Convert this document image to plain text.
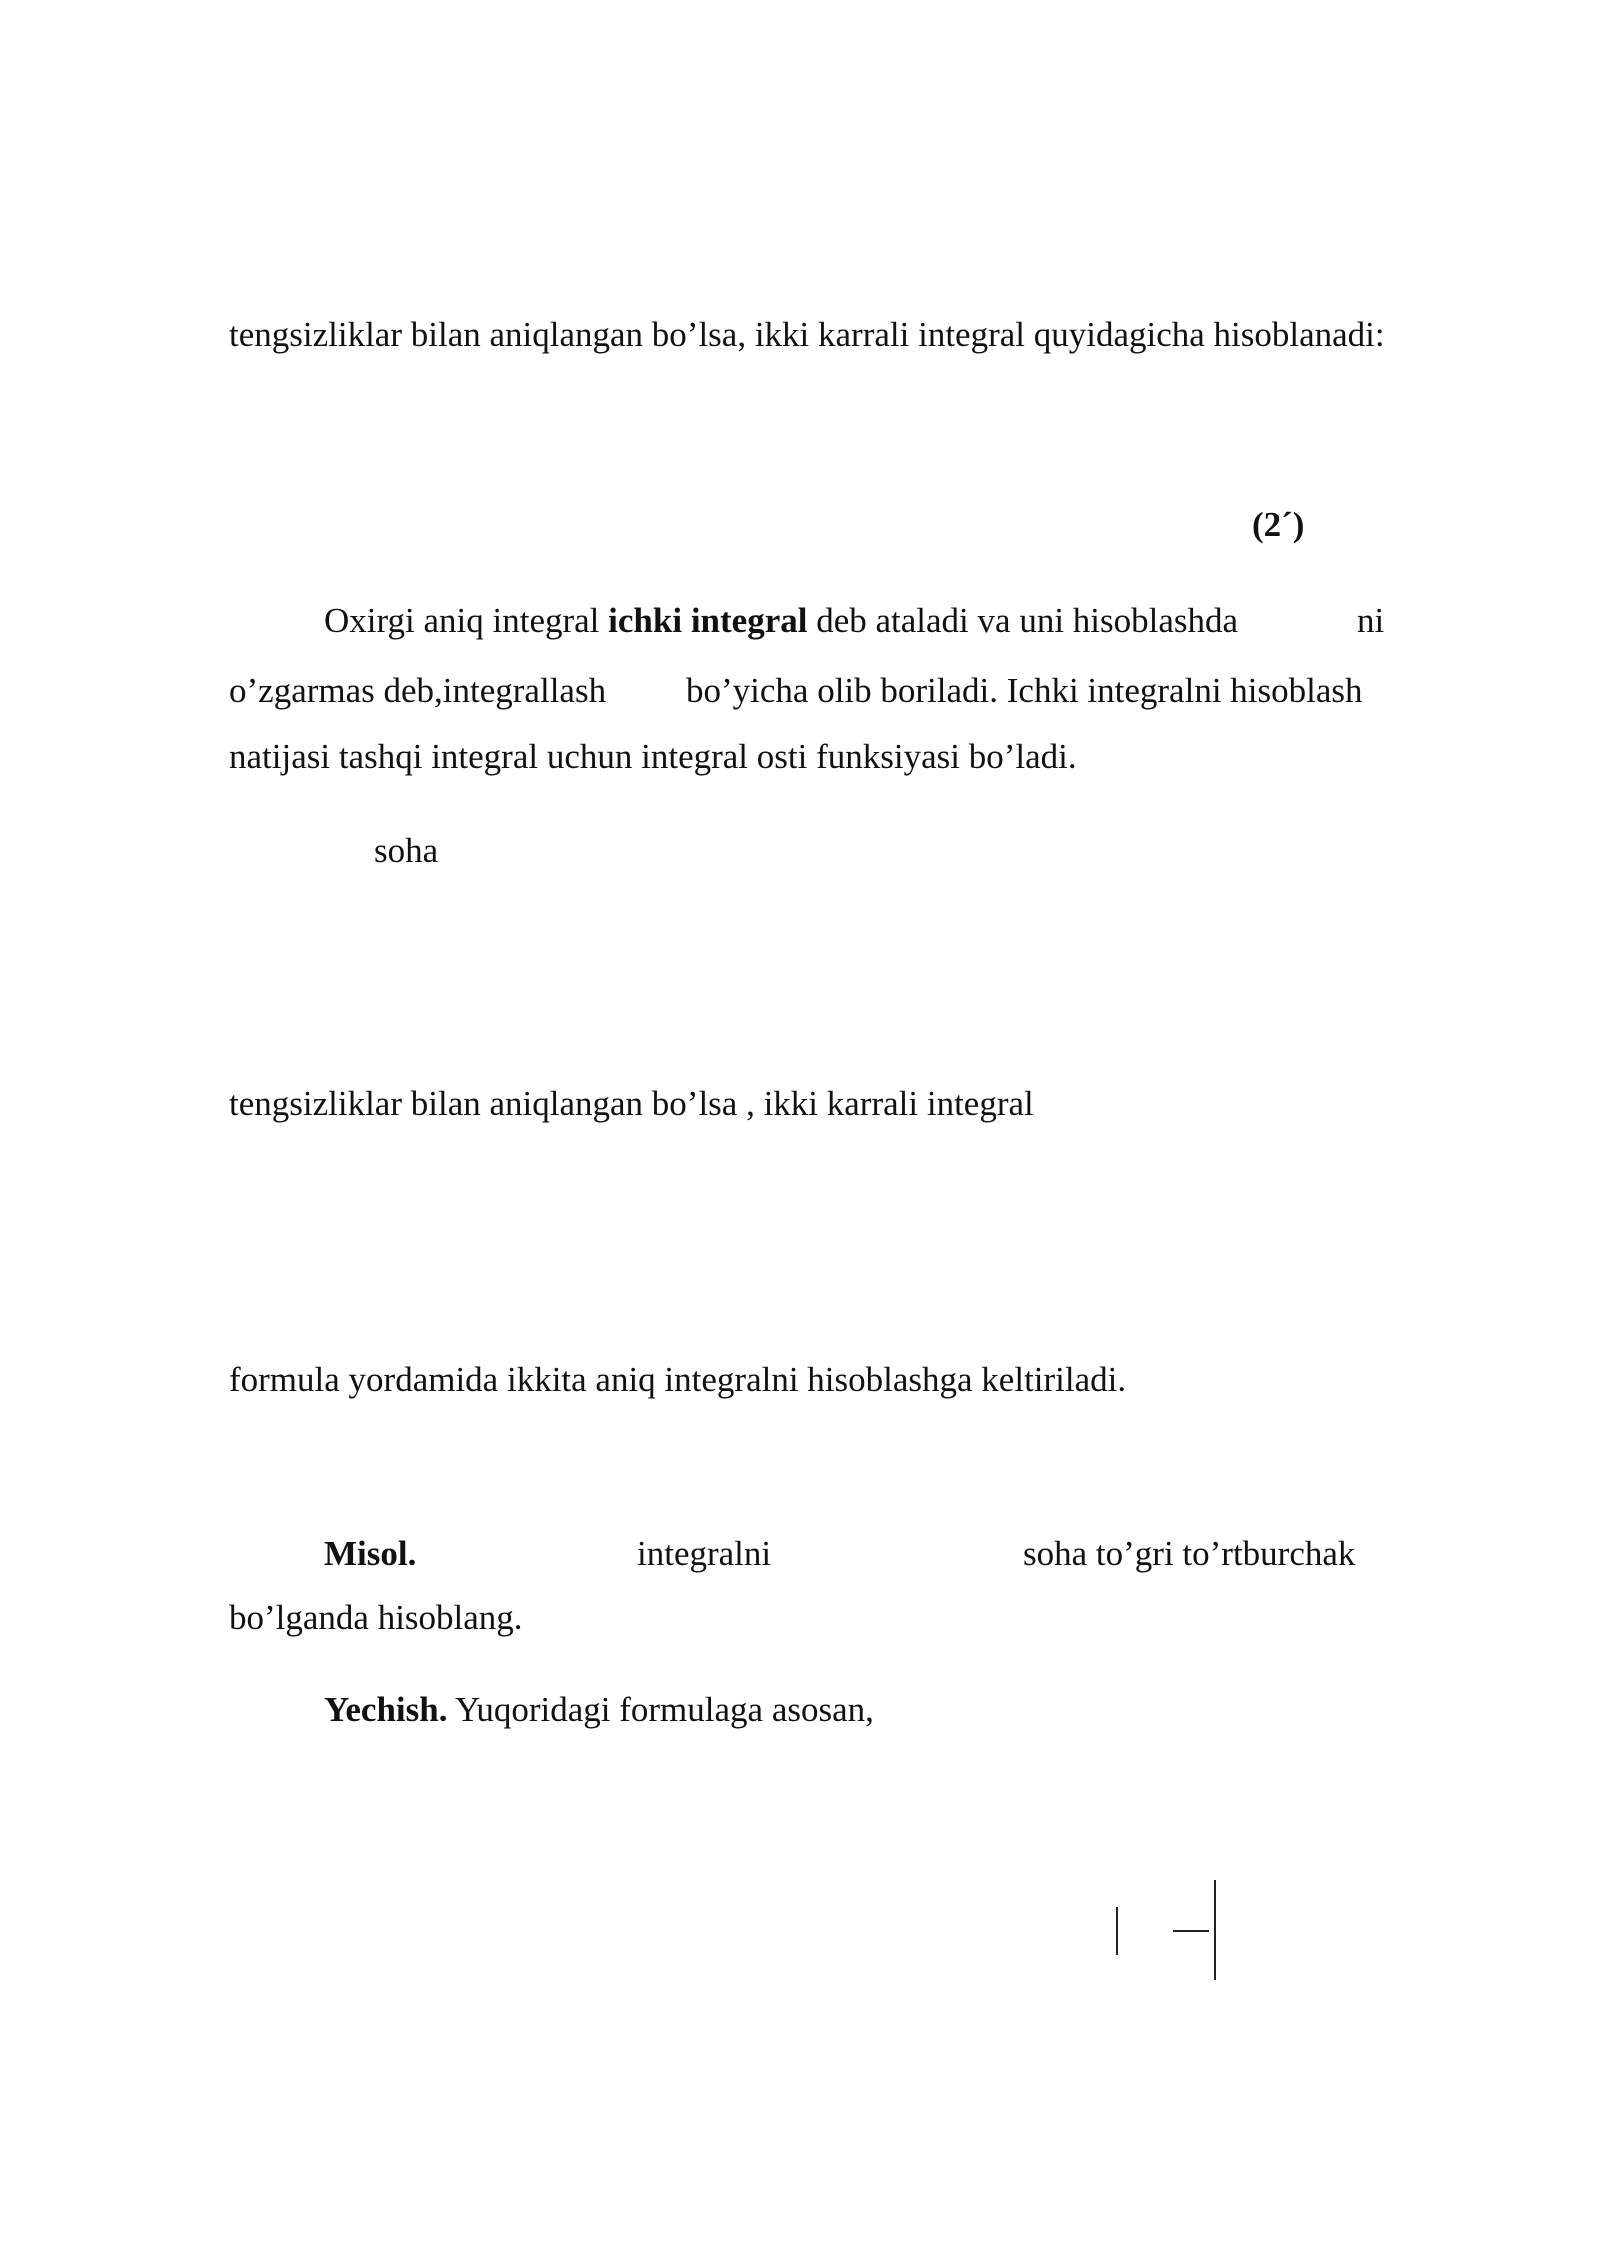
tengsizliklar bilan aniqlangan bo’lsa, ikki karrali integral quyidagicha hisoblanadi:
(2´)
Oxirgi aniq integral ichki integral deb ataladi va uni hisoblashda	ni
o’zgarmas deb,integrallash bo’yicha olib boriladi. Ichki integralni hisoblash
natijasi tashqi integral uchun integral osti funksiyasi bo’ladi.
soha
tengsizliklar bilan aniqlangan bo’lsa , ikki karrali integral
formula yordamida ikkita aniq integralni hisoblashga keltiriladi.
Misol.	integralni	soha to’gri to’rtburchak
bo’lganda hisoblang.
Yechish. Yuqoridagi formulaga asosan,
